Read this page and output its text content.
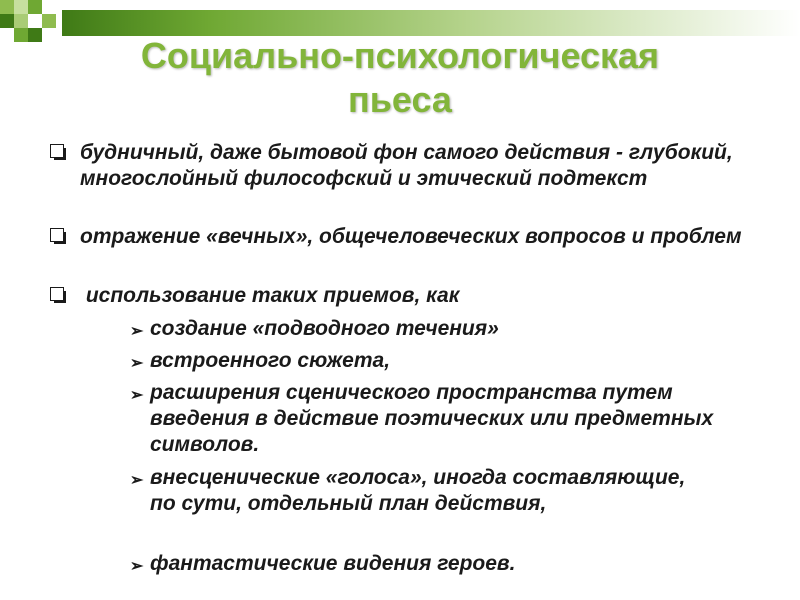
Социально-психологическая
пьеса
будничный, даже бытовой фон самого действия - глубокий, многослойный философский и этический подтекст
отражение «вечных», общечеловеческих вопросов и проблем
использование таких приемов, как
➢ создание «подводного течения»
➢ встроенного сюжета,
➢ расширения сценического пространства путем введения в действие поэтических или предметных символов.
➢ внесценические «голоса», иногда составляющие, по сути, отдельный план действия,
➢ фантастические видения героев.
